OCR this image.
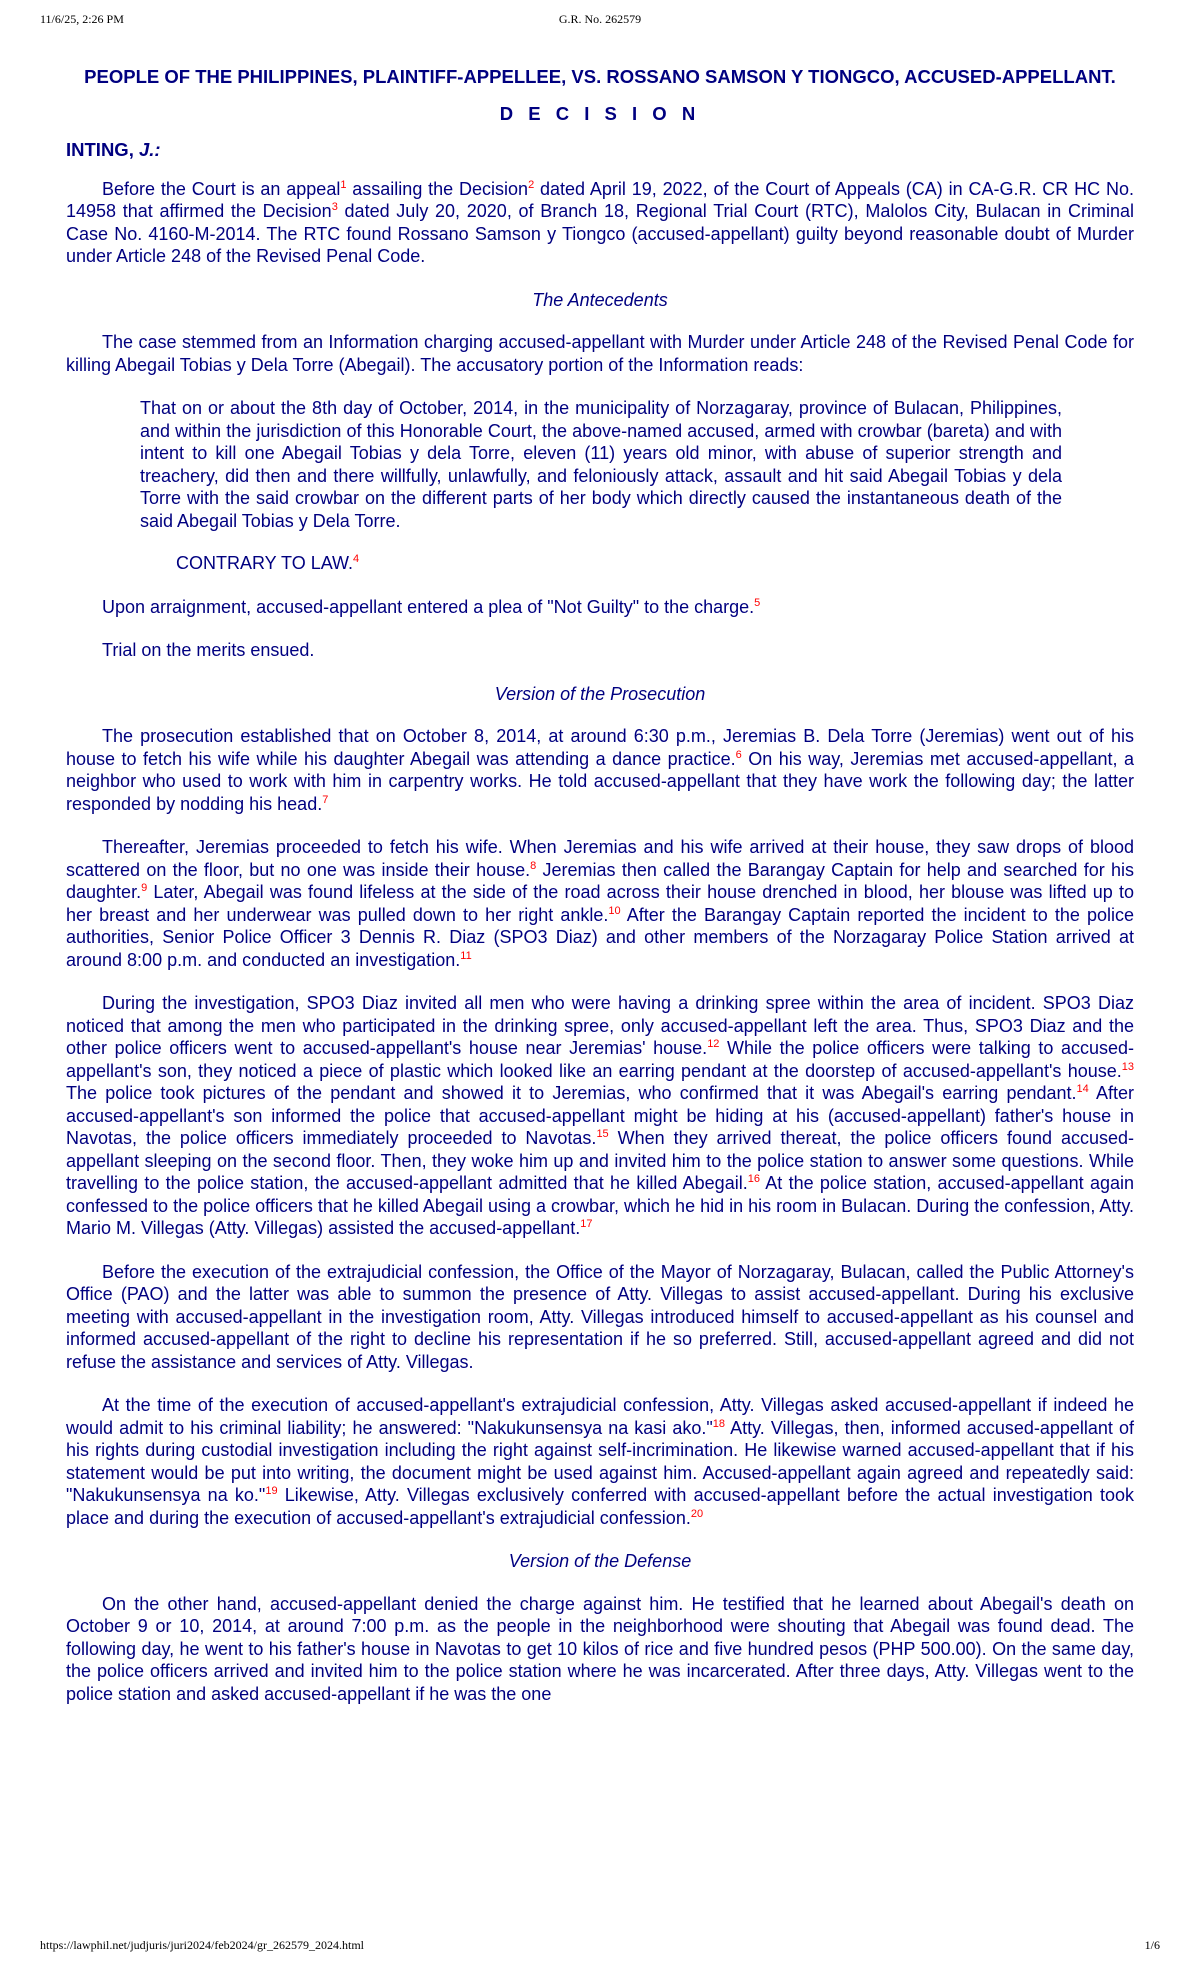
11/6/25, 2:26 PM	G.R. No. 262579
PEOPLE OF THE PHILIPPINES, PLAINTIFF-APPELLEE, VS. ROSSANO SAMSON Y TIONGCO, ACCUSED-APPELLANT.
D E C I S I O N
INTING, J.:

Before the Court is an appeal$^1$ assailing the Decision$^2$ dated April 19, 2022, of the Court of Appeals (CA) in CA-G.R. CR HC No. 14958 that affirmed the Decision$^3$ dated July 20, 2020, of Branch 18, Regional Trial Court (RTC), Malolos City, Bulacan in Criminal Case No. 4160-M-2014. The RTC found Rossano Samson y Tiongco (accused-appellant) guilty beyond reasonable doubt of Murder under Article 248 of the Revised Penal Code.

The Antecedents

The case stemmed from an Information charging accused-appellant with Murder under Article 248 of the Revised Penal Code for killing Abegail Tobias y Dela Torre (Abegail). The accusatory portion of the Information reads:

That on or about the 8th day of October, 2014, in the municipality of Norzagaray, province of Bulacan, Philippines, and within the jurisdiction of this Honorable Court, the above-named accused, armed with crowbar (bareta) and with intent to kill one Abegail Tobias y dela Torre, eleven (11) years old minor, with abuse of superior strength and treachery, did then and there willfully, unlawfully, and feloniously attack, assault and hit said Abegail Tobias y dela Torre with the said crowbar on the different parts of her body which directly caused the instantaneous death of the said Abegail Tobias y Dela Torre.
CONTRARY TO LAW.$^4$

Upon arraignment, accused-appellant entered a plea of "Not Guilty" to the charge.$^5$

Trial on the merits ensued.

Version of the Prosecution

The prosecution established that on October 8, 2014, at around 6:30 p.m., Jeremias B. Dela Torre (Jeremias) went out of his house to fetch his wife while his daughter Abegail was attending a dance practice.$^6$ On his way, Jeremias met accused-appellant, a neighbor who used to work with him in carpentry works. He told accused-appellant that they have work the following day; the latter responded by nodding his head.$^7$

Thereafter, Jeremias proceeded to fetch his wife. When Jeremias and his wife arrived at their house, they saw drops of blood scattered on the floor, but no one was inside their house.$^8$ Jeremias then called the Barangay Captain for help and searched for his daughter.$^9$ Later, Abegail was found lifeless at the side of the road across their house drenched in blood, her blouse was lifted up to her breast and her underwear was pulled down to her right ankle.$^{10}$ After the Barangay Captain reported the incident to the police authorities, Senior Police Officer 3 Dennis R. Diaz (SPO3 Diaz) and other members of the Norzagaray Police Station arrived at around 8:00 p.m. and conducted an investigation.$^{11}$

During the investigation, SPO3 Diaz invited all men who were having a drinking spree within the area of incident. SPO3 Diaz noticed that among the men who participated in the drinking spree, only accused-appellant left the area. Thus, SPO3 Diaz and the other police officers went to accused-appellant's house near Jeremias' house.$^{12}$ While the police officers were talking to accused-appellant's son, they noticed a piece of plastic which looked like an earring pendant at the doorstep of accused-appellant's house.$^{13}$ The police took pictures of the pendant and showed it to Jeremias, who confirmed that it was Abegail's earring pendant.$^{14}$ After accused-appellant's son informed the police that accused-appellant might be hiding at his (accused-appellant) father's house in Navotas, the police officers immediately proceeded to Navotas.$^{15}$ When they arrived thereat, the police officers found accused-appellant sleeping on the second floor. Then, they woke him up and invited him to the police station to answer some questions. While travelling to the police station, the accused-appellant admitted that he killed Abegail.$^{16}$ At the police station, accused-appellant again confessed to the police officers that he killed Abegail using a crowbar, which he hid in his room in Bulacan. During the confession, Atty. Mario M. Villegas (Atty. Villegas) assisted the accused-appellant.$^{17}$

Before the execution of the extrajudicial confession, the Office of the Mayor of Norzagaray, Bulacan, called the Public Attorney's Office (PAO) and the latter was able to summon the presence of Atty. Villegas to assist accused-appellant. During his exclusive meeting with accused-appellant in the investigation room, Atty. Villegas introduced himself to accused-appellant as his counsel and informed accused-appellant of the right to decline his representation if he so preferred. Still, accused-appellant agreed and did not refuse the assistance and services of Atty. Villegas.

At the time of the execution of accused-appellant's extrajudicial confession, Atty. Villegas asked accused-appellant if indeed he would admit to his criminal liability; he answered: "Nakukunsensya na kasi ako."$^{18}$ Atty. Villegas, then, informed accused-appellant of his rights during custodial investigation including the right against self-incrimination. He likewise warned accused-appellant that if his statement would be put into writing, the document might be used against him. Accused-appellant again agreed and repeatedly said: "Nakukunsensya na ko."$^{19}$ Likewise, Atty. Villegas exclusively conferred with accused-appellant before the actual investigation took place and during the execution of accused-appellant's extrajudicial confession.$^{20}$

Version of the Defense

On the other hand, accused-appellant denied the charge against him. He testified that he learned about Abegail's death on October 9 or 10, 2014, at around 7:00 p.m. as the people in the neighborhood were shouting that Abegail was found dead. The following day, he went to his father's house in Navotas to get 10 kilos of rice and five hundred pesos (PHP 500.00). On the same day, the police officers arrived and invited him to the police station where he was incarcerated. After three days, Atty. Villegas went to the police station and asked accused-appellant if he was the one

https://lawphil.net/judjuris/juri2024/feb2024/gr_262579_2024.html	1/6
